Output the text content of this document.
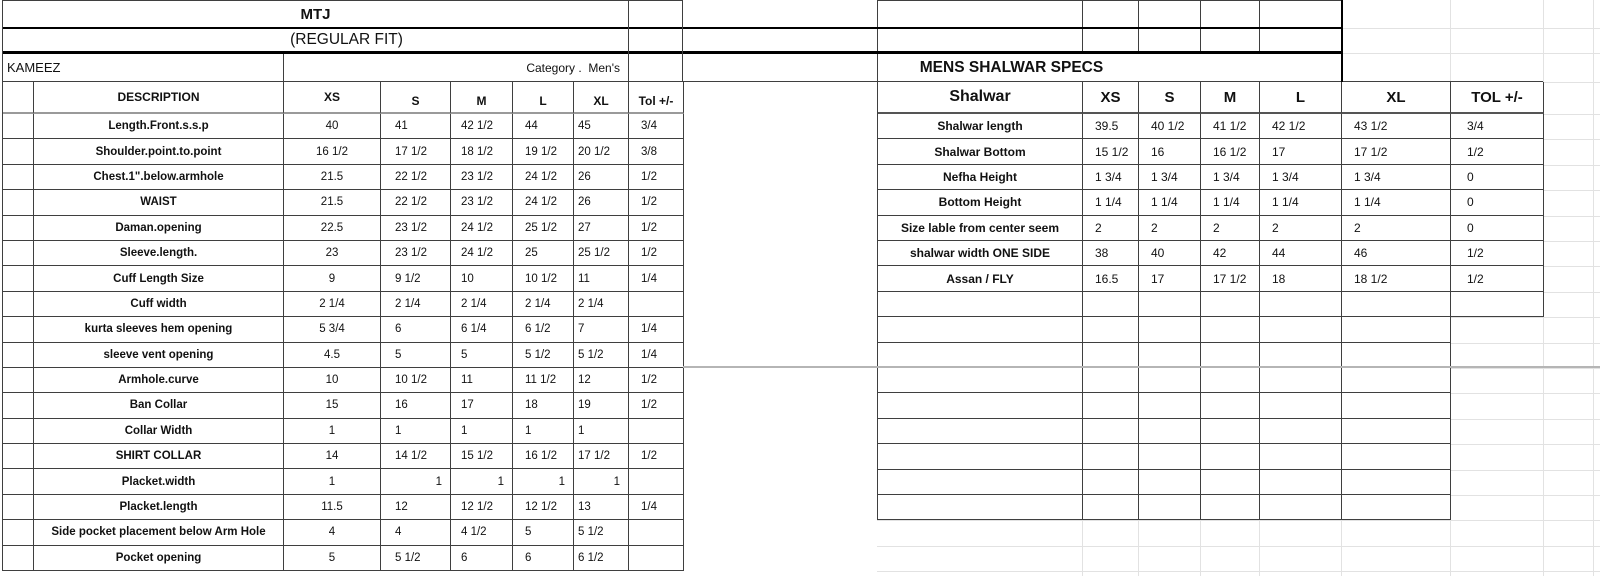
MTJ
(REGULAR FIT)
KAMEEZ	Category .  Men's	MENS SHALWAR SPECS
DESCRIPTION	XS	S	M	L	XL	Tol +/-
Length.Front.s.s.p	40	41	42 1/2	44	45	3/4
Shoulder.point.to.point	16 1/2	17 1/2	18 1/2	19 1/2	20 1/2	3/8
Chest.1".below.armhole	21.5	22 1/2	23 1/2	24 1/2	26	1/2
WAIST	21.5	22 1/2	23 1/2	24 1/2	26	1/2
Daman.opening	22.5	23 1/2	24 1/2	25 1/2	27	1/2
Sleeve.length.	23	23 1/2	24 1/2	25	25 1/2	1/2
Cuff Length Size	9	9 1/2	10	10 1/2	11	1/4
Cuff width	2 1/4	2 1/4	2 1/4	2 1/4	2 1/4
kurta sleeves hem opening	5 3/4	6	6 1/4	6 1/2	7	1/4
sleeve vent opening	4.5	5	5	5 1/2	5 1/2	1/4
Armhole.curve	10	10 1/2	11	11 1/2	12	1/2
Ban Collar	15	16	17	18	19	1/2
Collar Width	1	1	1	1	1
SHIRT COLLAR	14	14 1/2	15 1/2	16 1/2	17 1/2	1/2
Placket.width	1	1	1	1	1
Placket.length	11.5	12	12 1/2	12 1/2	13	1/4
Side pocket placement below Arm Hole	4	4	4 1/2	5	5 1/2
Pocket opening	5	5 1/2	6	6	6 1/2
Shalwar	XS	S	M	L	XL	TOL +/-
Shalwar length	39.5	40 1/2	41 1/2	42 1/2	43 1/2	3/4
Shalwar Bottom	15 1/2	16	16 1/2	17	17 1/2	1/2
Nefha Height	1 3/4	1 3/4	1 3/4	1 3/4	1 3/4	0
Bottom Height	1 1/4	1 1/4	1 1/4	1 1/4	1 1/4	0
Size lable from center seem	2	2	2	2	2	0
shalwar width ONE SIDE	38	40	42	44	46	1/2
Assan / FLY	16.5	17	17 1/2	18	18 1/2	1/2
